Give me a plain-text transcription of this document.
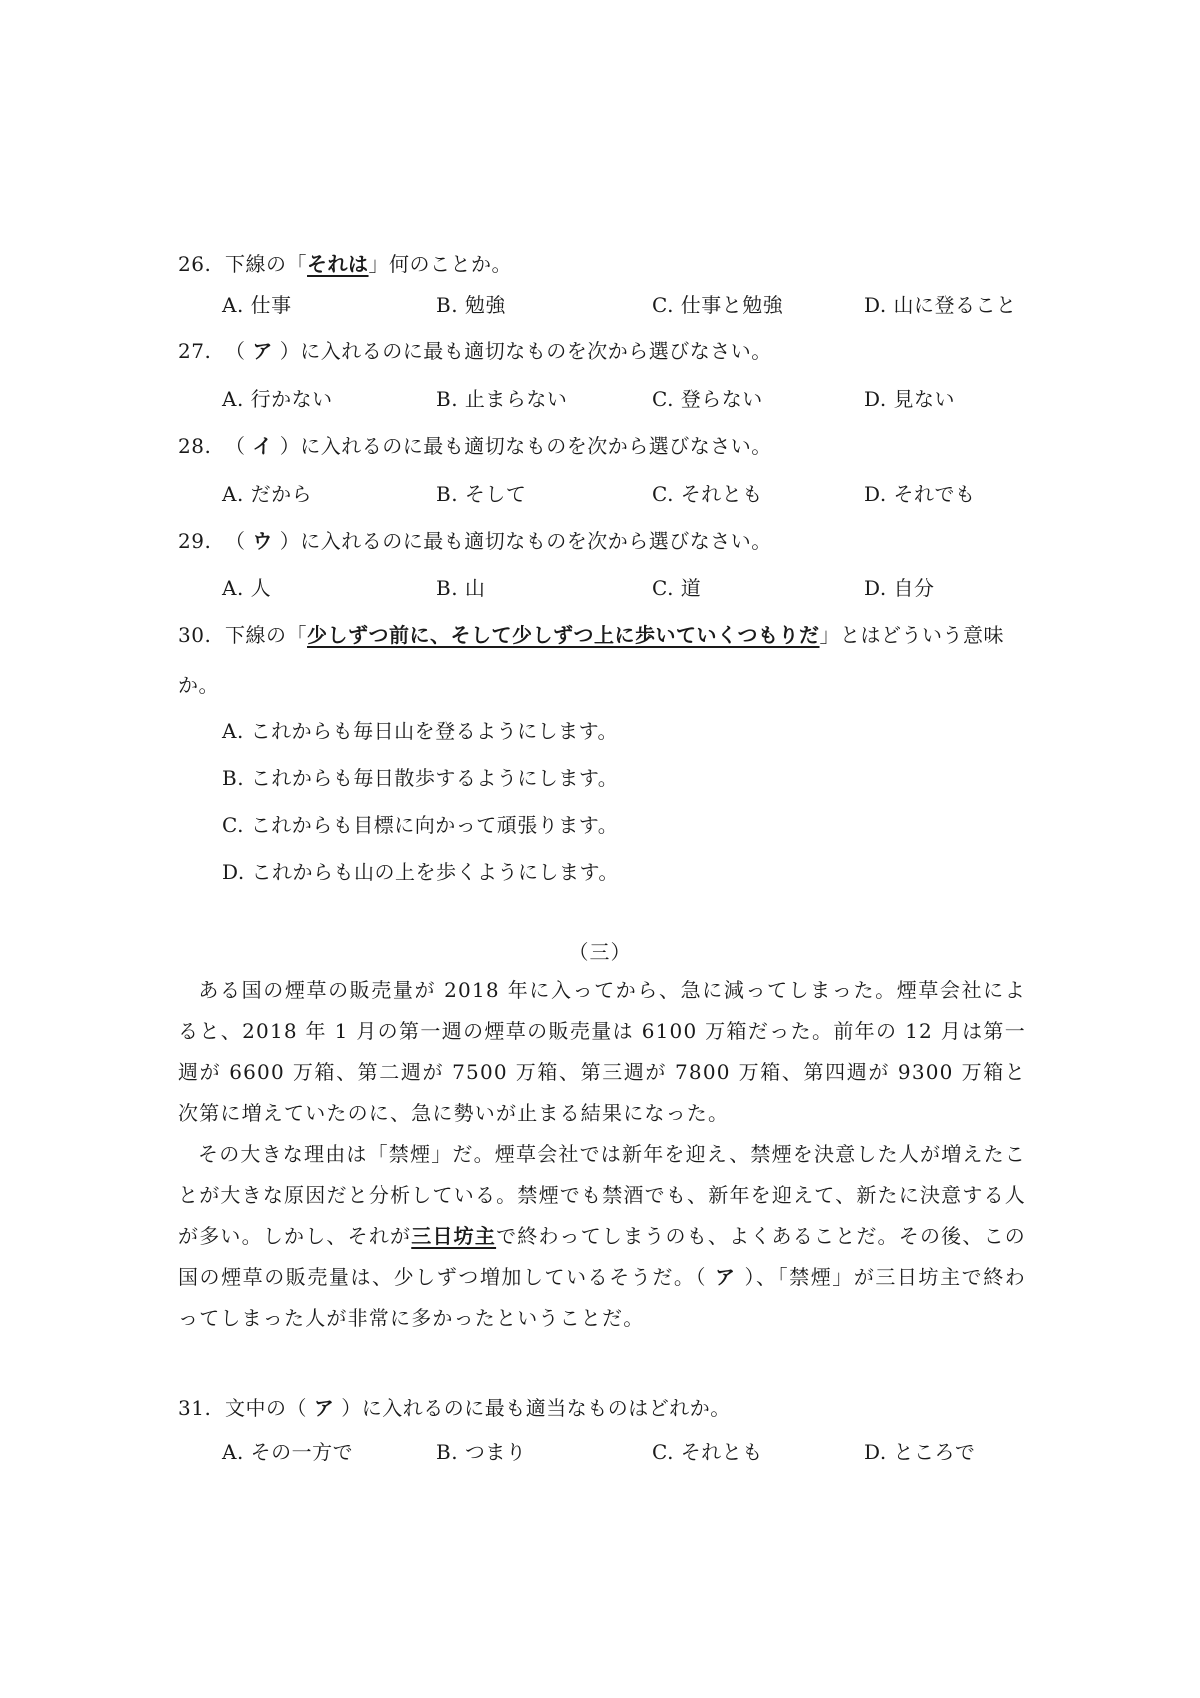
26. 下線の「それは」何のことか。
A. 仕事	B. 勉強	C. 仕事と勉強	D. 山に登ること
27. （ ア ）に入れるのに最も適切なものを次から選びなさい。
A. 行かない	B. 止まらない	C. 登らない	D. 見ない
28. （ イ ）に入れるのに最も適切なものを次から選びなさい。
A. だから	B. そして	C. それとも	D. それでも
29. （ ウ ）に入れるのに最も適切なものを次から選びなさい。
A. 人	B. 山	C. 道	D. 自分
30. 下線の「少しずつ前に、そして少しずつ上に歩いていくつもりだ」とはどういう意味
か。
A. これからも毎日山を登るようにします。
B. これからも毎日散歩するようにします。
C. これからも目標に向かって頑張ります。
D. これからも山の上を歩くようにします。
（三）
ある国の煙草の販売量が 2018 年に入ってから、急に減ってしまった。煙草会社によると、2018 年 1 月の第一週の煙草の販売量は 6100 万箱だった。前年の 12 月は第一週が 6600 万箱、第二週が 7500 万箱、第三週が 7800 万箱、第四週が 9300 万箱と次第に増えていたのに、急に勢いが止まる結果になった。
その大きな理由は「禁煙」だ。煙草会社では新年を迎え、禁煙を決意した人が増えたことが大きな原因だと分析している。禁煙でも禁酒でも、新年を迎えて、新たに決意する人が多い。しかし、それが三日坊主で終わってしまうのも、よくあることだ。その後、この国の煙草の販売量は、少しずつ増加しているそうだ。（ ア ）、「禁煙」が三日坊主で終わってしまった人が非常に多かったということだ。
31. 文中の（ ア ）に入れるのに最も適当なものはどれか。
A. その一方で	B. つまり	C. それとも	D. ところで
